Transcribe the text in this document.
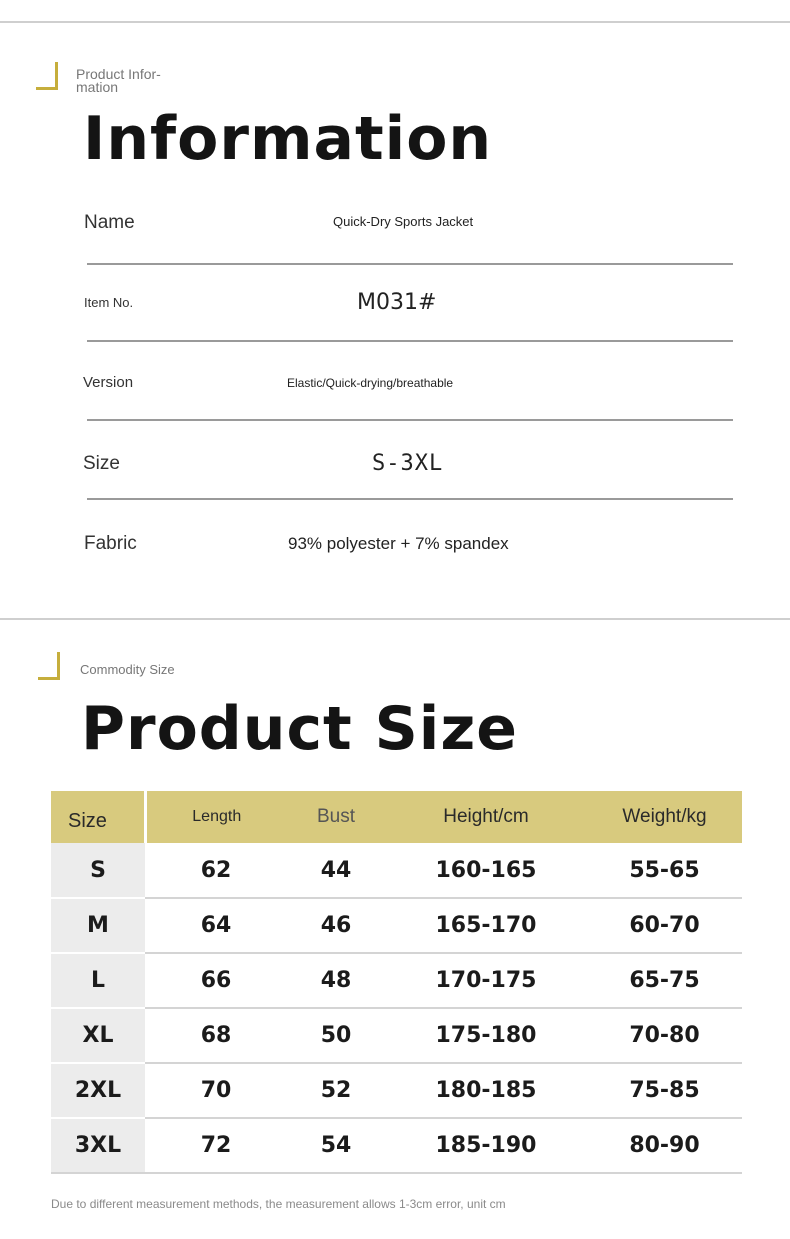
Product Infor-
mation
Information
Name	Quick-Dry Sports Jacket
Item No.	M031#
Version	Elastic/Quick-drying/breathable
Size	S-3XL
Fabric	93% polyester + 7% spandex
Commodity Size
Product Size
Size	Length	Bust	Height/cm	Weight/kg
S	62	44	160-165	55-65
M	64	46	165-170	60-70
L	66	48	170-175	65-75
XL	68	50	175-180	70-80
2XL	70	52	180-185	75-85
3XL	72	54	185-190	80-90
Due to different measurement methods, the measurement allows 1-3cm error, unit cm
